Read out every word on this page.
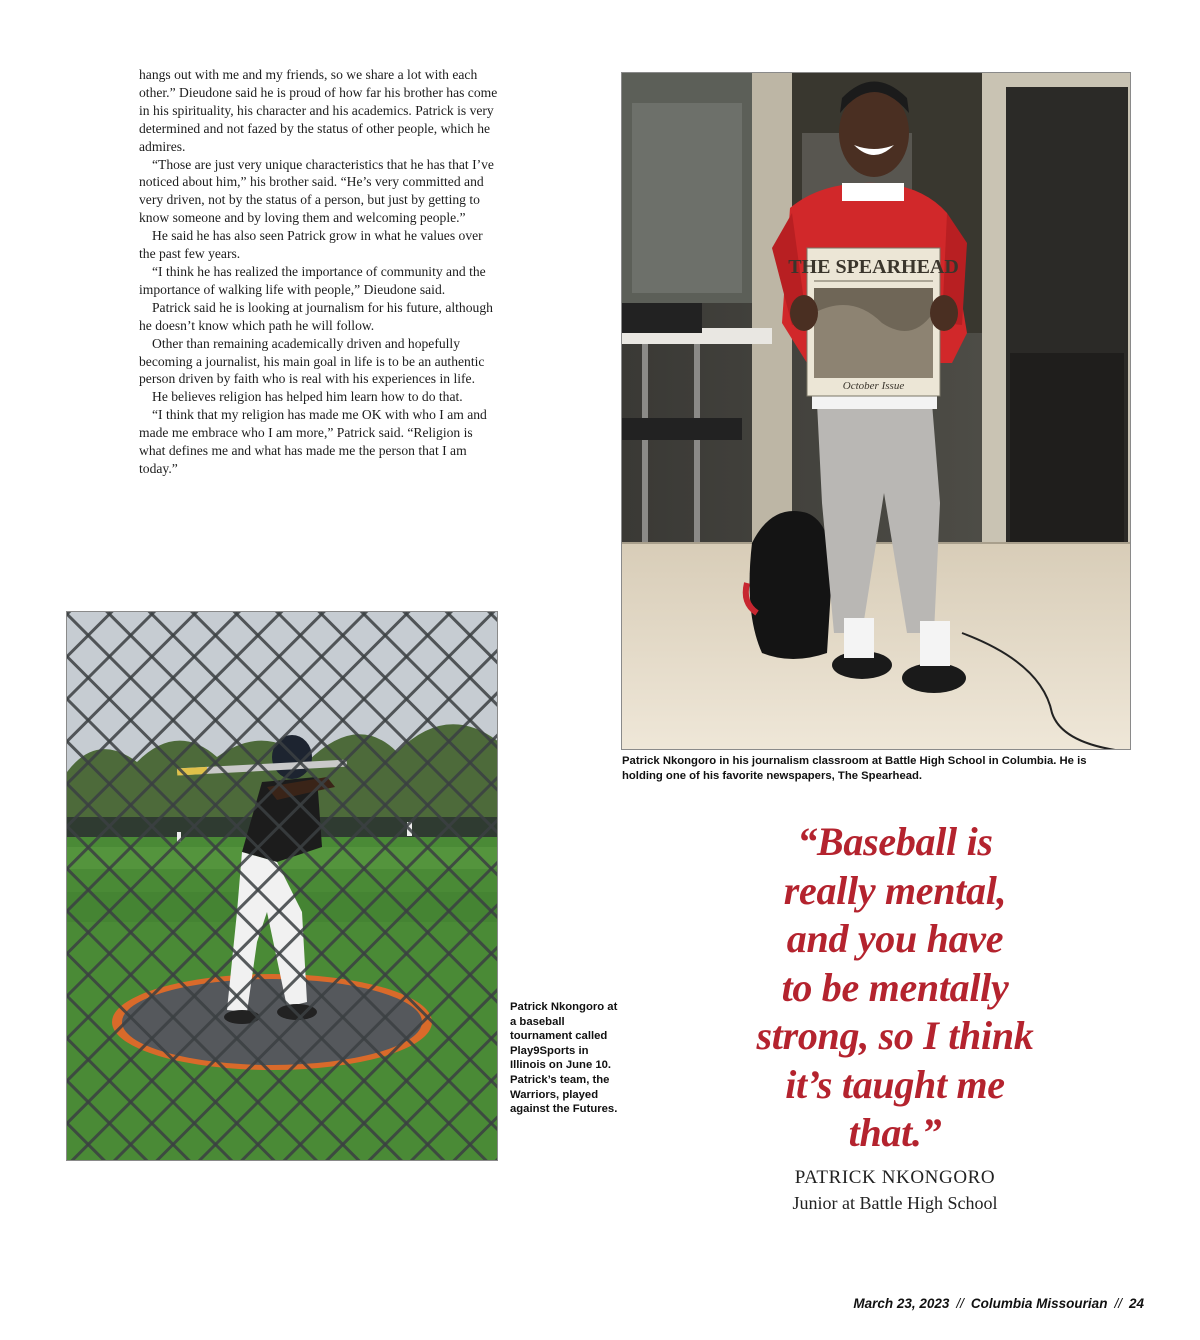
hangs out with me and my friends, so we share a lot with each other.” Dieudone said he is proud of how far his brother has come in his spirituality, his character and his academics. Patrick is very determined and not fazed by the status of other people, which he admires.

“Those are just very unique characteristics that he has that I’ve noticed about him,” his brother said. “He’s very committed and very driven, not by the status of a person, but just by getting to know someone and by loving them and welcoming people.”

He said he has also seen Patrick grow in what he values over the past few years.

“I think he has realized the importance of community and the importance of walking life with people,” Dieudone said.

Patrick said he is looking at journalism for his future, although he doesn’t know which path he will follow.

Other than remaining academically driven and hopefully becoming a journalist, his main goal in life is to be an authentic person driven by faith who is real with his experiences in life.

He believes religion has helped him learn how to do that.

“I think that my religion has made me OK with who I am and made me embrace who I am more,” Patrick said. “Religion is what defines me and what has made me the person that I am today.”

THE SPEARHEAD
October Issue
Patrick Nkongoro in his journalism classroom at Battle High School in Columbia. He is holding one of his favorite newspapers, The Spearhead.
Patrick Nkongoro at a baseball tournament called Play9Sports in Illinois on June 10. Patrick’s team, the Warriors, played against the Futures.
“Baseball is
really mental,
and you have
to be mentally
strong, so I think
it’s taught me
that.”
PATRICK NKONGORO
Junior at Battle High School
March 23, 2023 // Columbia Missourian // 24
